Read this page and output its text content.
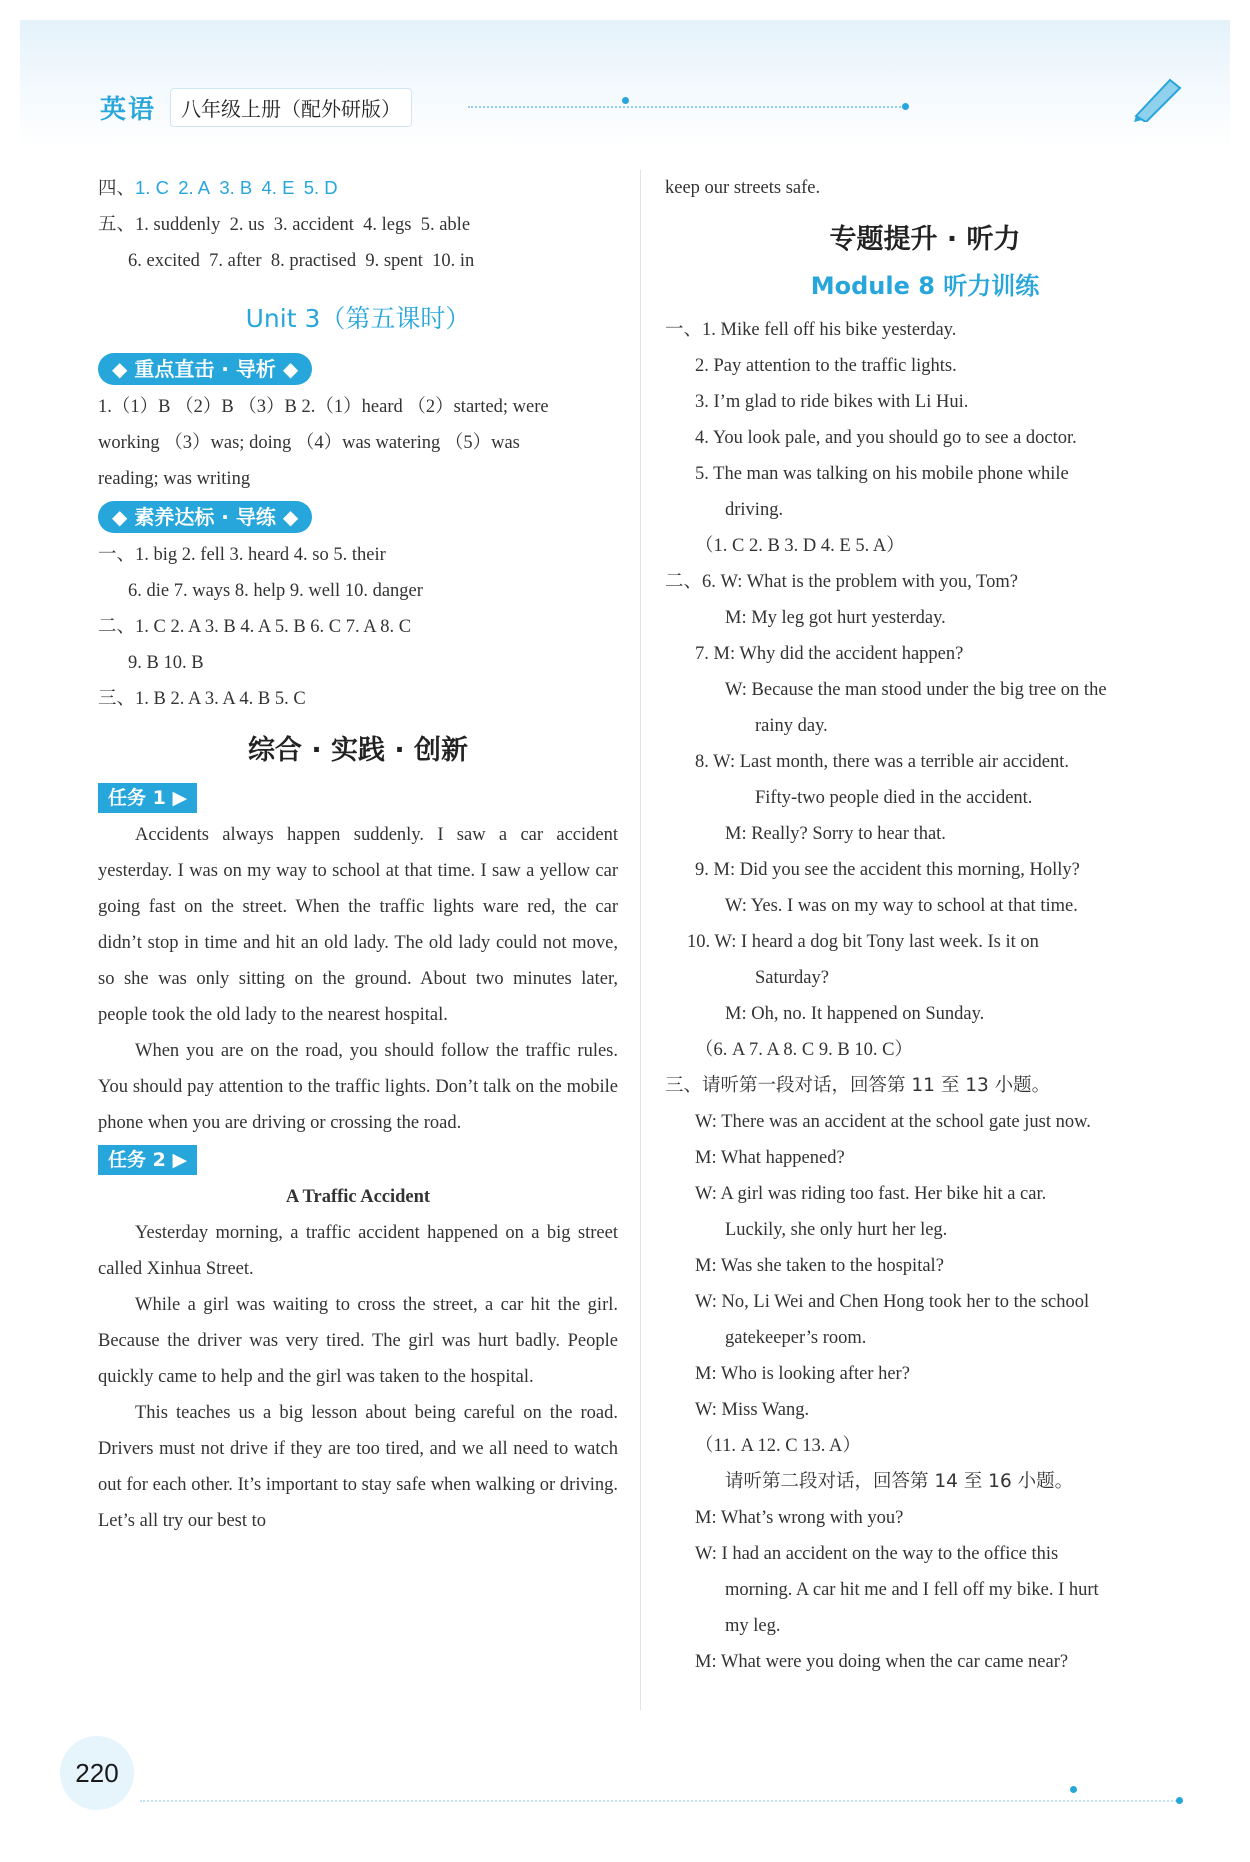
英语	八年级上册（配外研版）
四、1. C 2. A 3. B 4. E 5. D
五、1. suddenly 2. us 3. accident 4. legs 5. able
6. excited 7. after 8. practised 9. spent 10. in
Unit 3（第五课时）
◆ 重点直击 · 导析 ◆
1.（1）B （2）B （3）B 2.（1）heard （2）started; were
working （3）was; doing （4）was watering （5）was
reading; was writing
◆ 素养达标 · 导练 ◆
一、1. big 2. fell 3. heard 4. so 5. their
6. die 7. ways 8. help 9. well 10. danger
二、1. C 2. A 3. B 4. A 5. B 6. C 7. A 8. C
9. B 10. B
三、1. B 2. A 3. A 4. B 5. C
综合 · 实践 · 创新
任务 1 ▶
Accidents always happen suddenly. I saw a car accident yesterday. I was on my way to school at that time. I saw a yellow car going fast on the street. When the traffic lights ware red, the car didn’t stop in time and hit an old lady. The old lady could not move, so she was only sitting on the ground. About two minutes later, people took the old lady to the nearest hospital.
When you are on the road, you should follow the traffic rules. You should pay attention to the traffic lights. Don’t talk on the mobile phone when you are driving or crossing the road.
任务 2 ▶
A Traffic Accident
Yesterday morning, a traffic accident happened on a big street called Xinhua Street.
While a girl was waiting to cross the street, a car hit the girl. Because the driver was very tired. The girl was hurt badly. People quickly came to help and the girl was taken to the hospital.
This teaches us a big lesson about being careful on the road. Drivers must not drive if they are too tired, and we all need to watch out for each other. It’s important to stay safe when walking or driving. Let’s all try our best to
keep our streets safe.
专题提升 · 听力
Module 8 听力训练
一、1. Mike fell off his bike yesterday.
2. Pay attention to the traffic lights.
3. I’m glad to ride bikes with Li Hui.
4. You look pale, and you should go to see a doctor.
5. The man was talking on his mobile phone while
driving.
（1. C 2. B 3. D 4. E 5. A）
二、6. W: What is the problem with you, Tom?
M: My leg got hurt yesterday.
7. M: Why did the accident happen?
W: Because the man stood under the big tree on the
rainy day.
8. W: Last month, there was a terrible air accident.
Fifty-two people died in the accident.
M: Really? Sorry to hear that.
9. M: Did you see the accident this morning, Holly?
W: Yes. I was on my way to school at that time.
10. W: I heard a dog bit Tony last week. Is it on
Saturday?
M: Oh, no. It happened on Sunday.
（6. A 7. A 8. C 9. B 10. C）
三、请听第一段对话，回答第 11 至 13 小题。
W: There was an accident at the school gate just now.
M: What happened?
W: A girl was riding too fast. Her bike hit a car.
Luckily, she only hurt her leg.
M: Was she taken to the hospital?
W: No, Li Wei and Chen Hong took her to the school
gatekeeper’s room.
M: Who is looking after her?
W: Miss Wang.
（11. A 12. C 13. A）
请听第二段对话，回答第 14 至 16 小题。
M: What’s wrong with you?
W: I had an accident on the way to the office this
morning. A car hit me and I fell off my bike. I hurt
my leg.
M: What were you doing when the car came near?
220
